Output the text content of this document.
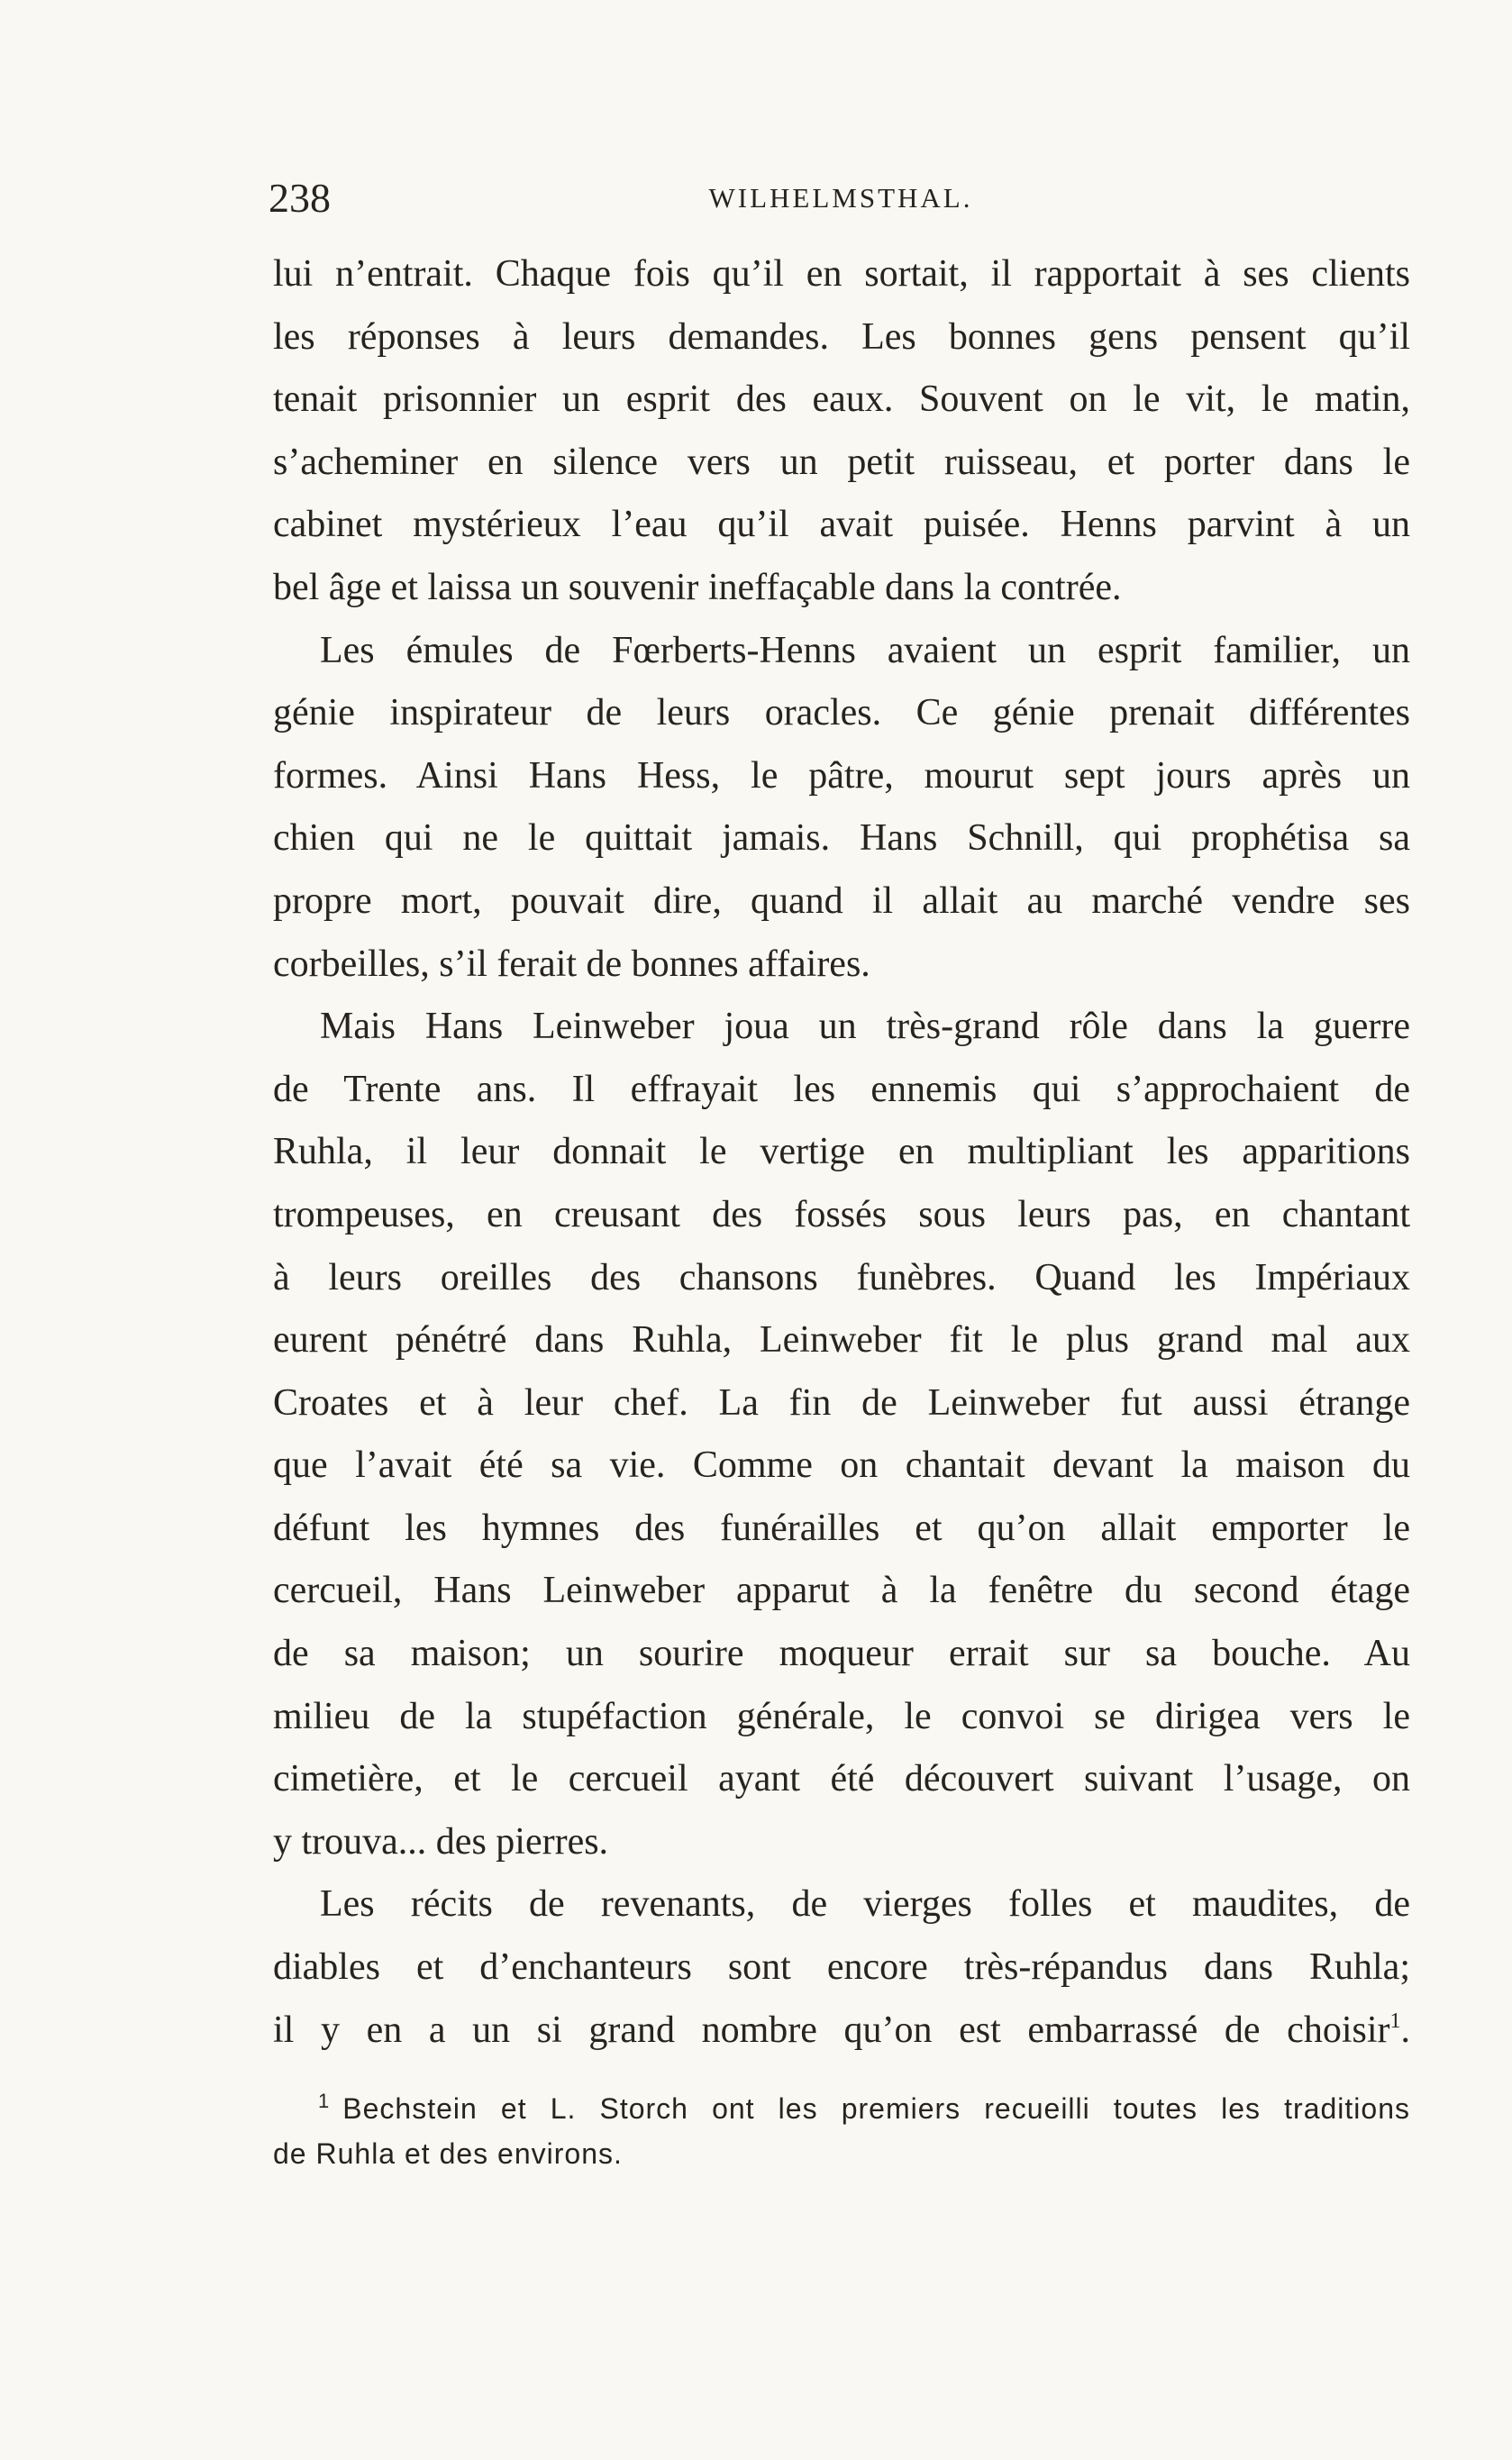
238	WILHELMSTHAL.
lui n’entrait. Chaque fois qu’il en sortait, il rapportait à ses clients
les réponses à leurs demandes. Les bonnes gens pensent qu’il
tenait prisonnier un esprit des eaux. Souvent on le vit, le matin,
s’acheminer en silence vers un petit ruisseau, et porter dans le
cabinet mystérieux l’eau qu’il avait puisée. Henns parvint à un
bel âge et laissa un souvenir ineffaçable dans la contrée.
Les émules de Fœrberts-Henns avaient un esprit familier, un
génie inspirateur de leurs oracles. Ce génie prenait différentes
formes. Ainsi Hans Hess, le pâtre, mourut sept jours après un
chien qui ne le quittait jamais. Hans Schnill, qui prophétisa sa
propre mort, pouvait dire, quand il allait au marché vendre ses
corbeilles, s’il ferait de bonnes affaires.
Mais Hans Leinweber joua un très-grand rôle dans la guerre
de Trente ans. Il effrayait les ennemis qui s’approchaient de
Ruhla, il leur donnait le vertige en multipliant les apparitions
trompeuses, en creusant des fossés sous leurs pas, en chantant
à leurs oreilles des chansons funèbres. Quand les Impériaux
eurent pénétré dans Ruhla, Leinweber fit le plus grand mal aux
Croates et à leur chef. La fin de Leinweber fut aussi étrange
que l’avait été sa vie. Comme on chantait devant la maison du
défunt les hymnes des funérailles et qu’on allait emporter le
cercueil, Hans Leinweber apparut à la fenêtre du second étage
de sa maison; un sourire moqueur errait sur sa bouche. Au
milieu de la stupéfaction générale, le convoi se dirigea vers le
cimetière, et le cercueil ayant été découvert suivant l’usage, on
y trouva... des pierres.
Les récits de revenants, de vierges folles et maudites, de
diables et d’enchanteurs sont encore très-répandus dans Ruhla;
il y en a un si grand nombre qu’on est embarrassé de choisir$^1$.
$^1$ Bechstein et L. Storch ont les premiers recueilli toutes les traditions
de Ruhla et des environs.
